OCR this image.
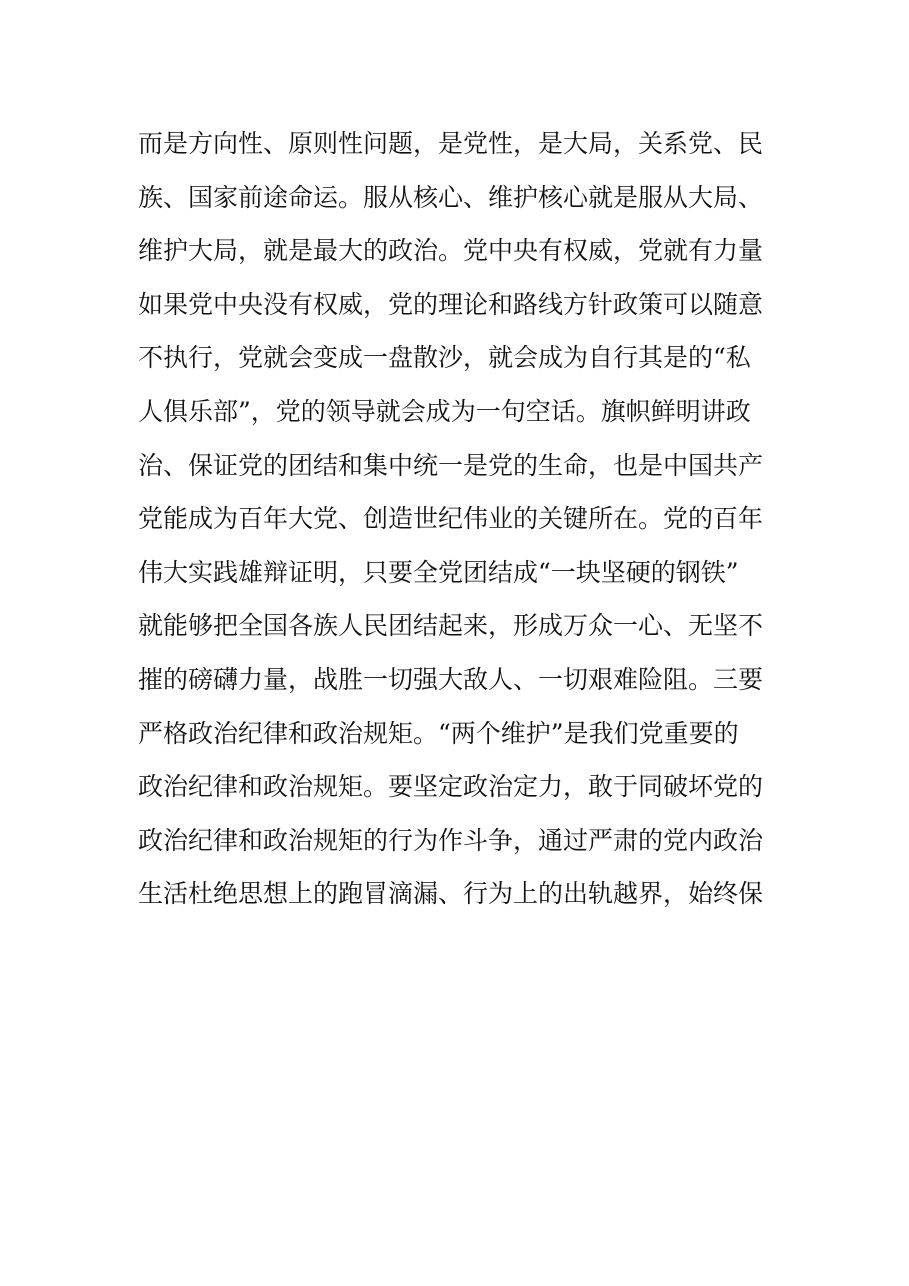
而是方向性、原则性问题，是党性，是大局，关系党、民
族、国家前途命运。服从核心、维护核心就是服从大局、
维护大局，就是最大的政治。党中央有权威，党就有力量
如果党中央没有权威，党的理论和路线方针政策可以随意
不执行，党就会变成一盘散沙，就会成为自行其是的“私
人俱乐部”，党的领导就会成为一句空话。旗帜鲜明讲政
治、保证党的团结和集中统一是党的生命，也是中国共产
党能成为百年大党、创造世纪伟业的关键所在。党的百年
伟大实践雄辩证明，只要全党团结成“一块坚硬的钢铁”
就能够把全国各族人民团结起来，形成万众一心、无坚不
摧的磅礴力量，战胜一切强大敌人、一切艰难险阻。三要
严格政治纪律和政治规矩。“两个维护”是我们党重要的
政治纪律和政治规矩。要坚定政治定力，敢于同破坏党的
政治纪律和政治规矩的行为作斗争，通过严肃的党内政治
生活杜绝思想上的跑冒滴漏、行为上的出轨越界，始终保
